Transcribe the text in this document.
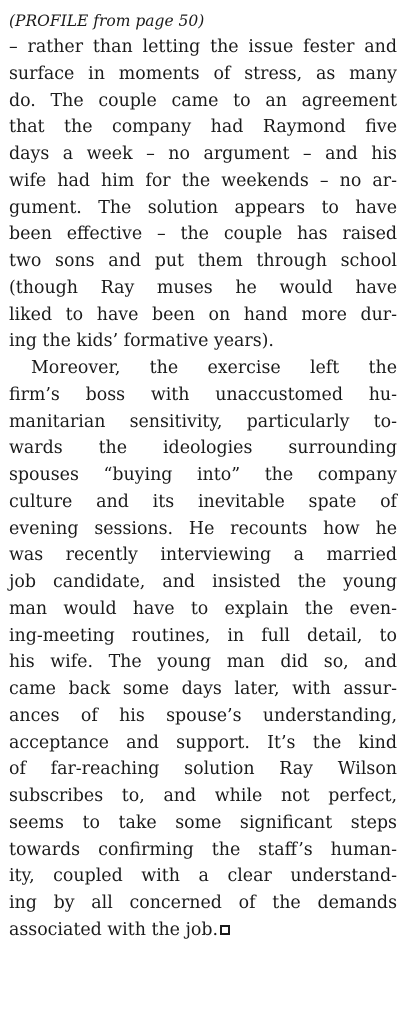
(PROFILE from page 50)
– rather than letting the issue fester and
surface in moments of stress, as many
do. The couple came to an agreement
that the company had Raymond five
days a week – no argument – and his
wife had him for the weekends – no ar-
gument. The solution appears to have
been effective – the couple has raised
two sons and put them through school
(though Ray muses he would have
liked to have been on hand more dur-
ing the kids’ formative years).
Moreover, the exercise left the
firm’s boss with unaccustomed hu-
manitarian sensitivity, particularly to-
wards the ideologies surrounding
spouses “buying into” the company
culture and its inevitable spate of
evening sessions. He recounts how he
was recently interviewing a married
job candidate, and insisted the young
man would have to explain the even-
ing-meeting routines, in full detail, to
his wife. The young man did so, and
came back some days later, with assur-
ances of his spouse’s understanding,
acceptance and support. It’s the kind
of far-reaching solution Ray Wilson
subscribes to, and while not perfect,
seems to take some significant steps
towards confirming the staff’s human-
ity, coupled with a clear understand-
ing by all concerned of the demands
associated with the job.
